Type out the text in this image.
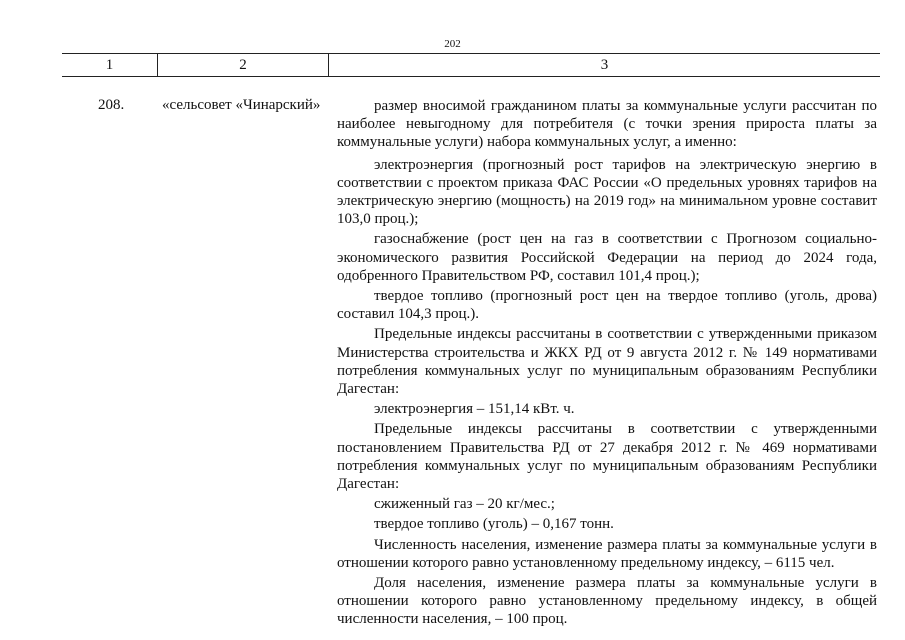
202
1	2	3
208.	«сельсовет «Чинарский»	размер вносимой гражданином платы за коммунальные услуги рассчитан по наиболее невыгодному для потребителя (с точки зрения прироста платы за коммунальные услуги) набора коммунальных услуг, а именно:

электроэнергия (прогнозный рост тарифов на электрическую энергию в соответствии с проектом приказа ФАС России «О предельных уровнях тарифов на электрическую энергию (мощность) на 2019 год» на минимальном уровне составит 103,0 проц.);

газоснабжение (рост цен на газ в соответствии с Прогнозом социально-экономического развития Российской Федерации на период до 2024 года, одобренного Правительством РФ, составил 101,4 проц.);

твердое топливо (прогнозный рост цен на твердое топливо (уголь, дрова) составил 104,3 проц.).

Предельные индексы рассчитаны в соответствии с утвержденными приказом Министерства строительства и ЖКХ РД от 9 августа 2012 г. № 149 нормативами потребления коммунальных услуг по муниципальным образованиям Республики Дагестан:

электроэнергия – 151,14 кВт. ч.

Предельные индексы рассчитаны в соответствии с утвержденными постановлением Правительства РД от 27 декабря 2012 г. № 469 нормативами потребления коммунальных услуг по муниципальным образованиям Республики Дагестан:

сжиженный газ – 20 кг/мес.;

твердое топливо (уголь) – 0,167 тонн.

Численность населения, изменение размера платы за коммунальные услуги в отношении которого равно установленному предельному индексу, – 6115 чел.

Доля населения, изменение размера платы за коммунальные услуги в отношении которого равно установленному предельному индексу, в общей численности населения, – 100 проц.
